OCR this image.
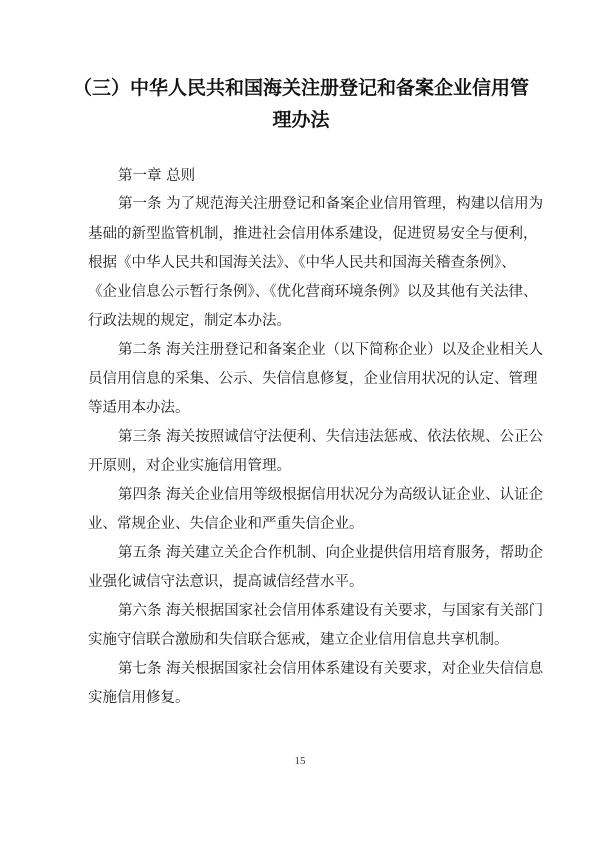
（三）中华人民共和国海关注册登记和备案企业信用管
理办法

第一章 总则

第一条 为了规范海关注册登记和备案企业信用管理，构建以信用为

基础的新型监管机制，推进社会信用体系建设，促进贸易安全与便利，

根据《中华人民共和国海关法》、《中华人民共和国海关稽查条例》、

《企业信息公示暂行条例》、《优化营商环境条例》以及其他有关法律、

行政法规的规定，制定本办法。

第二条 海关注册登记和备案企业（以下简称企业）以及企业相关人

员信用信息的采集、公示、失信信息修复，企业信用状况的认定、管理

等适用本办法。

第三条 海关按照诚信守法便利、失信违法惩戒、依法依规、公正公

开原则，对企业实施信用管理。

第四条 海关企业信用等级根据信用状况分为高级认证企业、认证企

业、常规企业、失信企业和严重失信企业。

第五条 海关建立关企合作机制、向企业提供信用培育服务，帮助企

业强化诚信守法意识，提高诚信经营水平。

第六条 海关根据国家社会信用体系建设有关要求，与国家有关部门

实施守信联合激励和失信联合惩戒，建立企业信用信息共享机制。

第七条 海关根据国家社会信用体系建设有关要求，对企业失信信息

实施信用修复。

15
